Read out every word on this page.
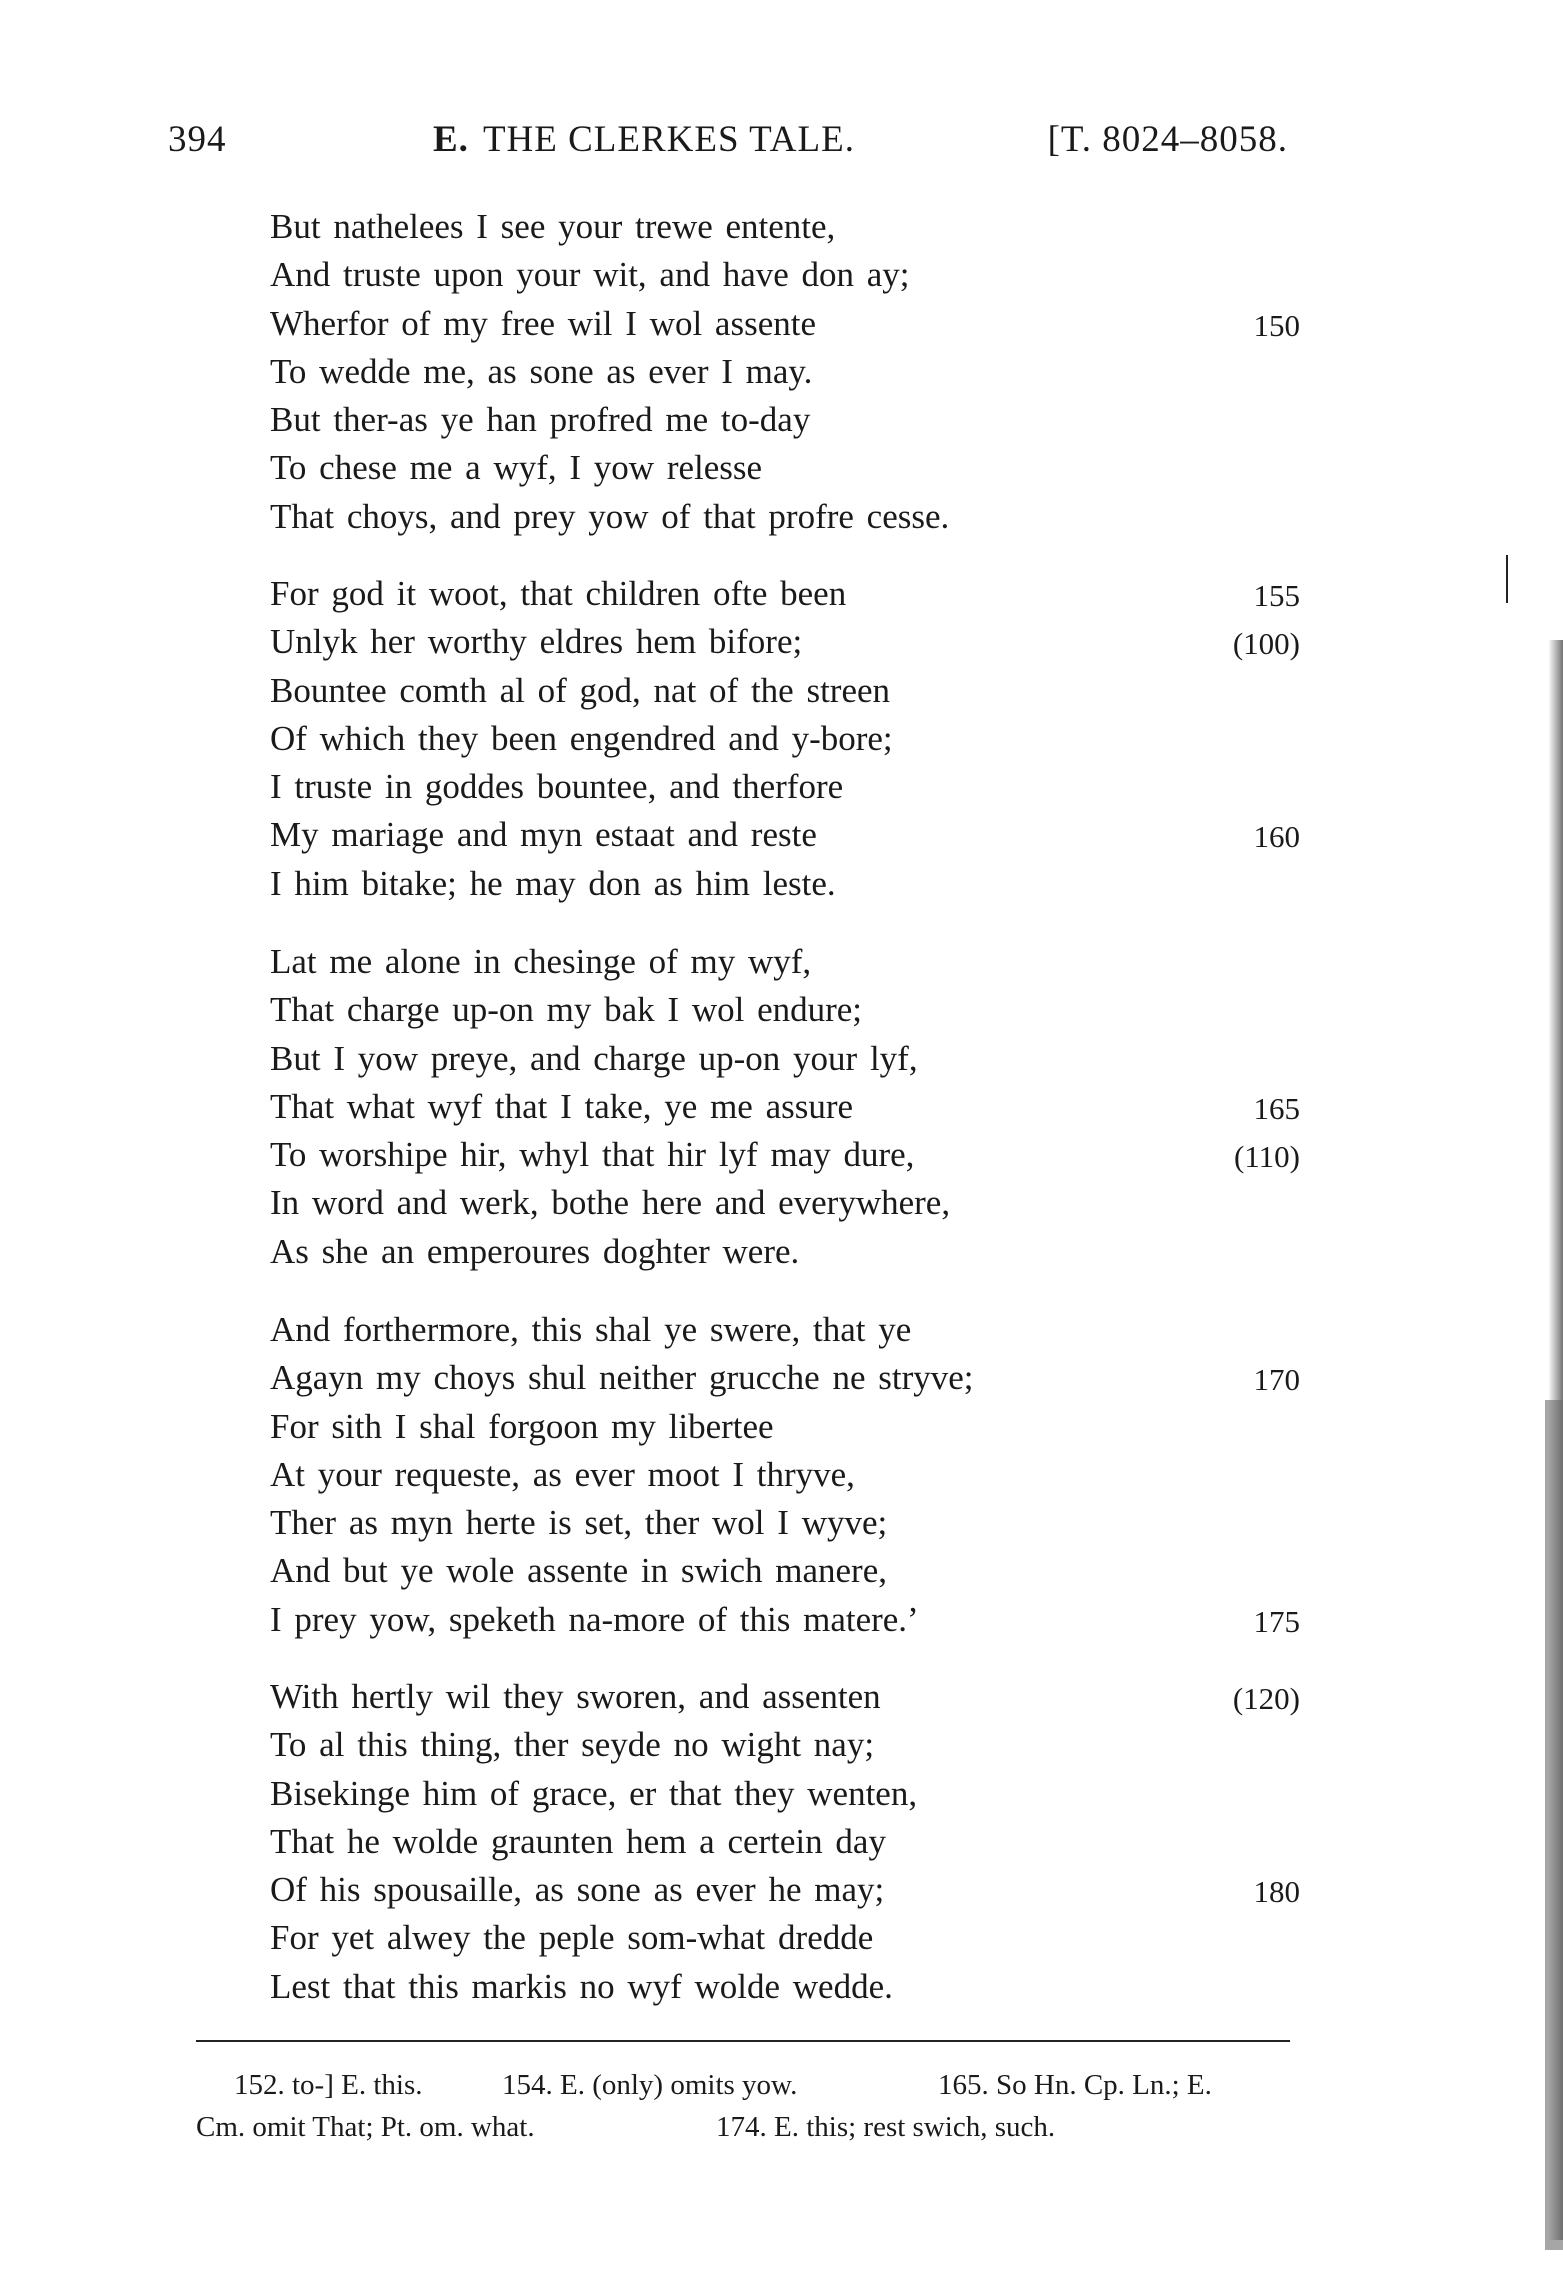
394	E. THE CLERKES TALE.	[T. 8024–8058.
But nathelees I see your trewe entente,
And truste upon your wit, and have don ay;
Wherfor of my free wil I wol assente	150
To wedde me, as sone as ever I may.
But ther-as ye han profred me to-day
To chese me a wyf, I yow relesse
That choys, and prey yow of that profre cesse.
For god it woot, that children ofte been	155
Unlyk her worthy eldres hem bifore;	(100)
Bountee comth al of god, nat of the streen
Of which they been engendred and y-bore;
I truste in goddes bountee, and therfore
My mariage and myn estaat and reste	160
I him bitake; he may don as him leste.
Lat me alone in chesinge of my wyf,
That charge up-on my bak I wol endure;
But I yow preye, and charge up-on your lyf,
That what wyf that I take, ye me assure	165
To worshipe hir, whyl that hir lyf may dure,	(110)
In word and werk, bothe here and everywhere,
As she an emperoures doghter were.
And forthermore, this shal ye swere, that ye
Agayn my choys shul neither grucche ne stryve;	170
For sith I shal forgoon my libertee
At your requeste, as ever moot I thryve,
Ther as myn herte is set, ther wol I wyve;
And but ye wole assente in swich manere,
I prey yow, speketh na-more of this matere.’	175
With hertly wil they sworen, and assenten	(120)
To al this thing, ther seyde no wight nay;
Bisekinge him of grace, er that they wenten,
That he wolde graunten hem a certein day
Of his spousaille, as sone as ever he may;	180
For yet alwey the peple som-what dredde
Lest that this markis no wyf wolde wedde.
152. to-] E. this.	154. E. (only) omits yow.	165. So Hn. Cp. Ln.; E.
Cm. omit That; Pt. om. what.	174. E. this; rest swich, such.
